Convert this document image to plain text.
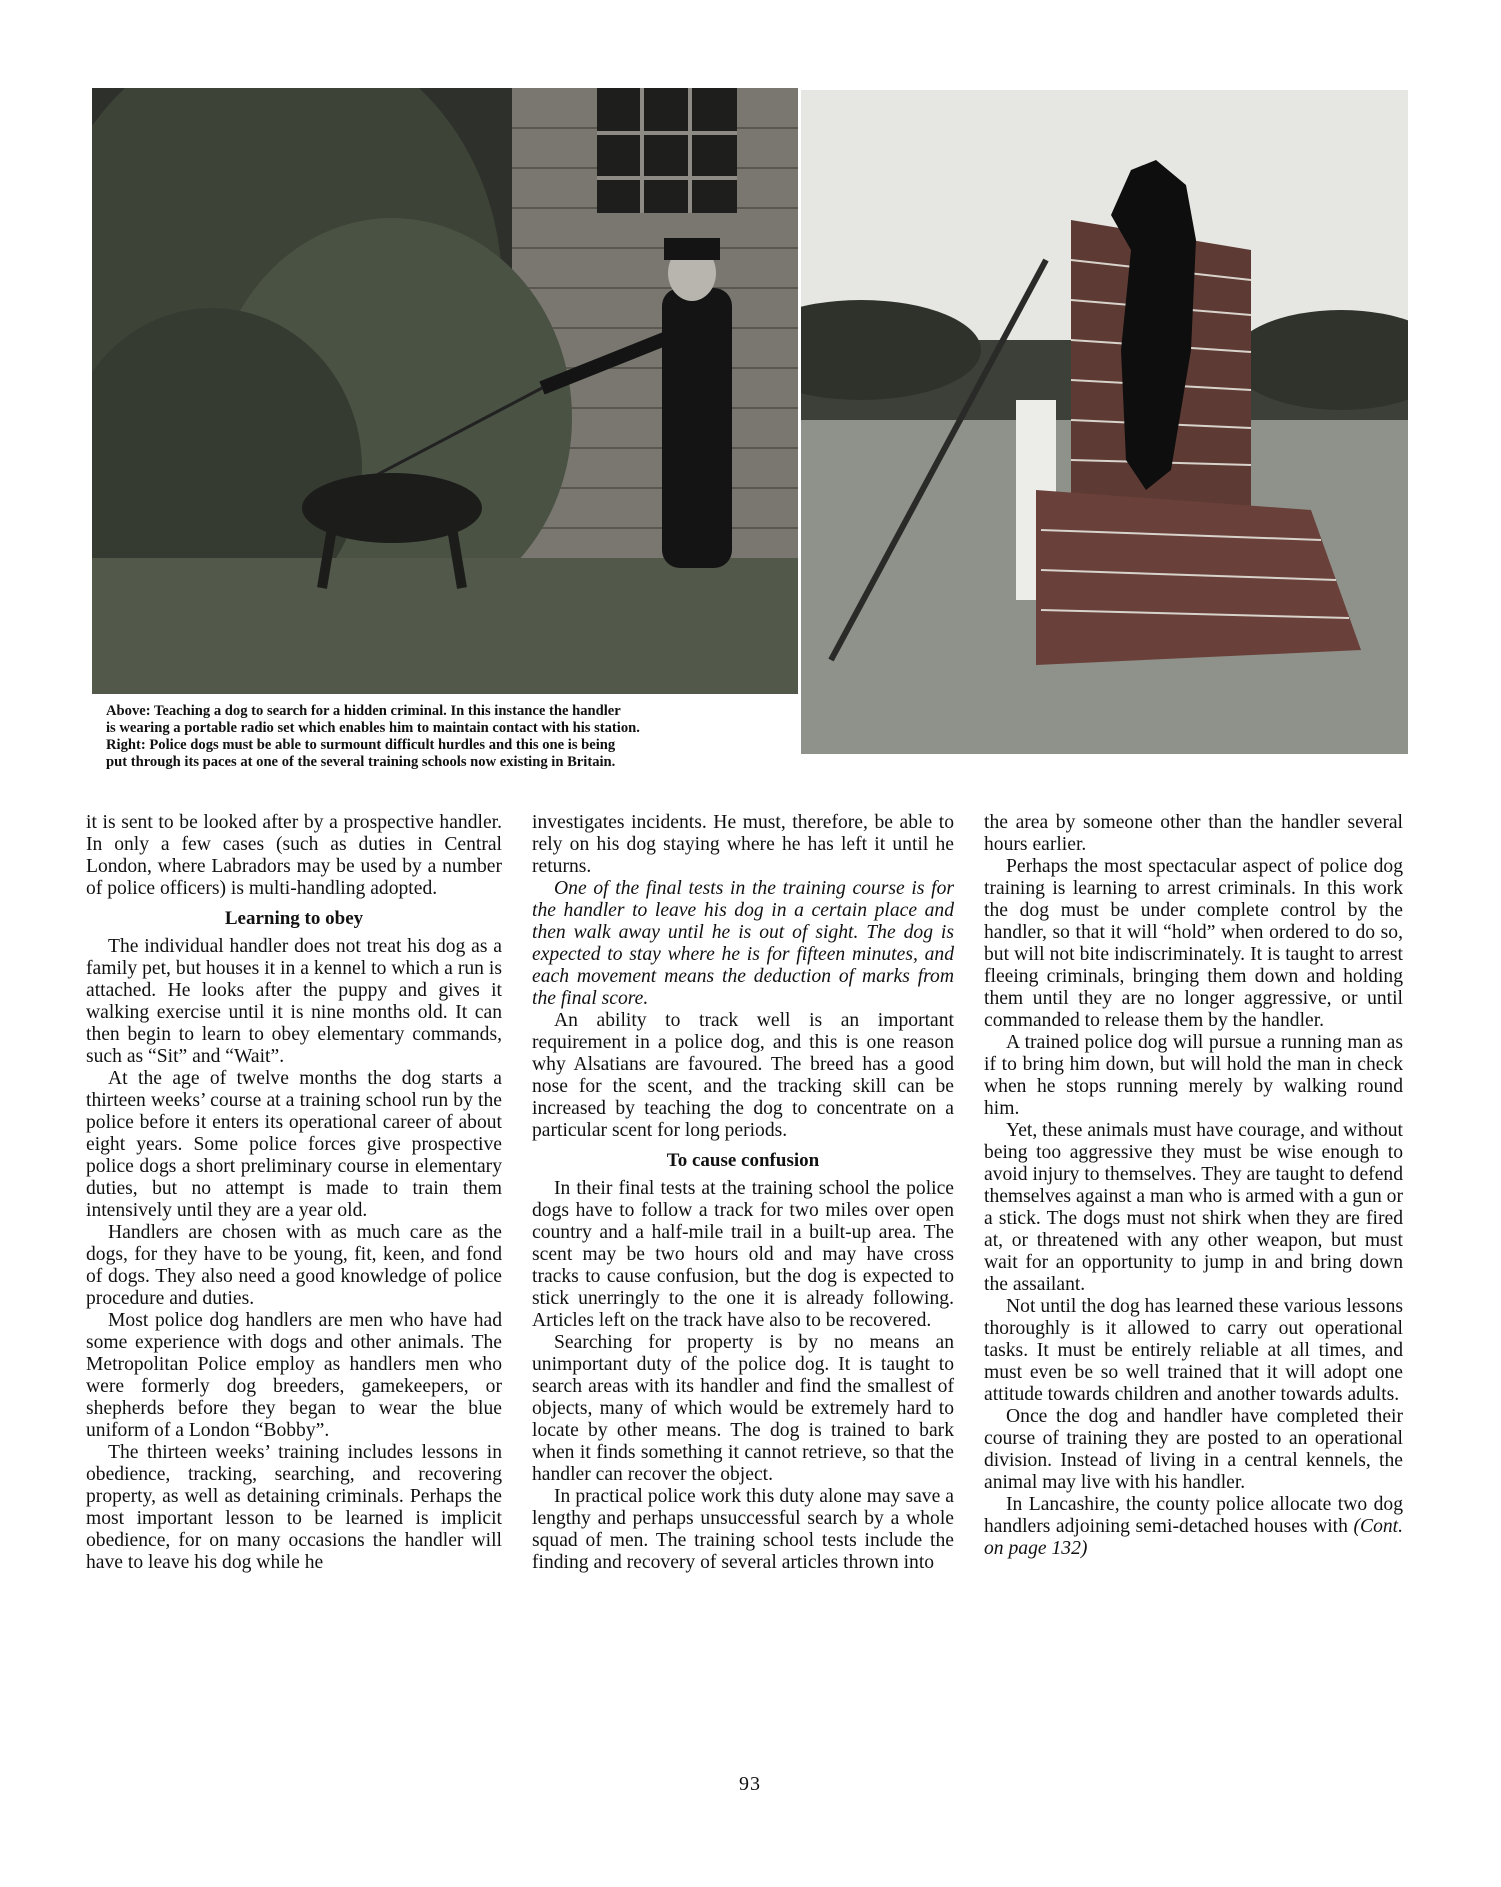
Above: Teaching a dog to search for a hidden criminal. In this instance the handler
is wearing a portable radio set which enables him to maintain contact with his station.
Right: Police dogs must be able to surmount difficult hurdles and this one is being
put through its paces at one of the several training schools now existing in Britain.

it is sent to be looked after by a prospective handler. In only a few cases (such as duties in Central London, where Labradors may be used by a number of police officers) is multi-handling adopted.

Learning to obey

The individual handler does not treat his dog as a family pet, but houses it in a kennel to which a run is attached. He looks after the puppy and gives it walking exercise until it is nine months old. It can then begin to learn to obey elementary commands, such as “Sit” and “Wait”.

At the age of twelve months the dog starts a thirteen weeks’ course at a training school run by the police before it enters its operational career of about eight years. Some police forces give prospective police dogs a short preliminary course in elementary duties, but no attempt is made to train them intensively until they are a year old.

Handlers are chosen with as much care as the dogs, for they have to be young, fit, keen, and fond of dogs. They also need a good knowledge of police procedure and duties.

Most police dog handlers are men who have had some experience with dogs and other animals. The Metropolitan Police employ as handlers men who were formerly dog breeders, gamekeepers, or shepherds before they began to wear the blue uniform of a London “Bobby”.

The thirteen weeks’ training includes lessons in obedience, tracking, searching, and recovering property, as well as detaining criminals. Perhaps the most important lesson to be learned is implicit obedience, for on many occasions the handler will have to leave his dog while he

investigates incidents. He must, therefore, be able to rely on his dog staying where he has left it until he returns.

One of the final tests in the training course is for the handler to leave his dog in a certain place and then walk away until he is out of sight. The dog is expected to stay where he is for fifteen minutes, and each movement means the deduction of marks from the final score.

An ability to track well is an important requirement in a police dog, and this is one reason why Alsatians are favoured. The breed has a good nose for the scent, and the tracking skill can be increased by teaching the dog to concentrate on a particular scent for long periods.

To cause confusion

In their final tests at the training school the police dogs have to follow a track for two miles over open country and a half-mile trail in a built-up area. The scent may be two hours old and may have cross tracks to cause confusion, but the dog is expected to stick unerringly to the one it is already following. Articles left on the track have also to be recovered.

Searching for property is by no means an unimportant duty of the police dog. It is taught to search areas with its handler and find the smallest of objects, many of which would be extremely hard to locate by other means. The dog is trained to bark when it finds something it cannot retrieve, so that the handler can recover the object.

In practical police work this duty alone may save a lengthy and perhaps unsuccessful search by a whole squad of men. The training school tests include the finding and recovery of several articles thrown into

the area by someone other than the handler several hours earlier.

Perhaps the most spectacular aspect of police dog training is learning to arrest criminals. In this work the dog must be under complete control by the handler, so that it will “hold” when ordered to do so, but will not bite indiscriminately. It is taught to arrest fleeing criminals, bringing them down and holding them until they are no longer aggressive, or until commanded to release them by the handler.

A trained police dog will pursue a running man as if to bring him down, but will hold the man in check when he stops running merely by walking round him.

Yet, these animals must have courage, and without being too aggressive they must be wise enough to avoid injury to themselves. They are taught to defend themselves against a man who is armed with a gun or a stick. The dogs must not shirk when they are fired at, or threatened with any other weapon, but must wait for an opportunity to jump in and bring down the assailant.

Not until the dog has learned these various lessons thoroughly is it allowed to carry out operational tasks. It must be entirely reliable at all times, and must even be so well trained that it will adopt one attitude towards children and another towards adults.

Once the dog and handler have completed their course of training they are posted to an operational division. Instead of living in a central kennels, the animal may live with his handler.

In Lancashire, the county police allocate two dog handlers adjoining semi-detached houses with (Cont. on page 132)

93
